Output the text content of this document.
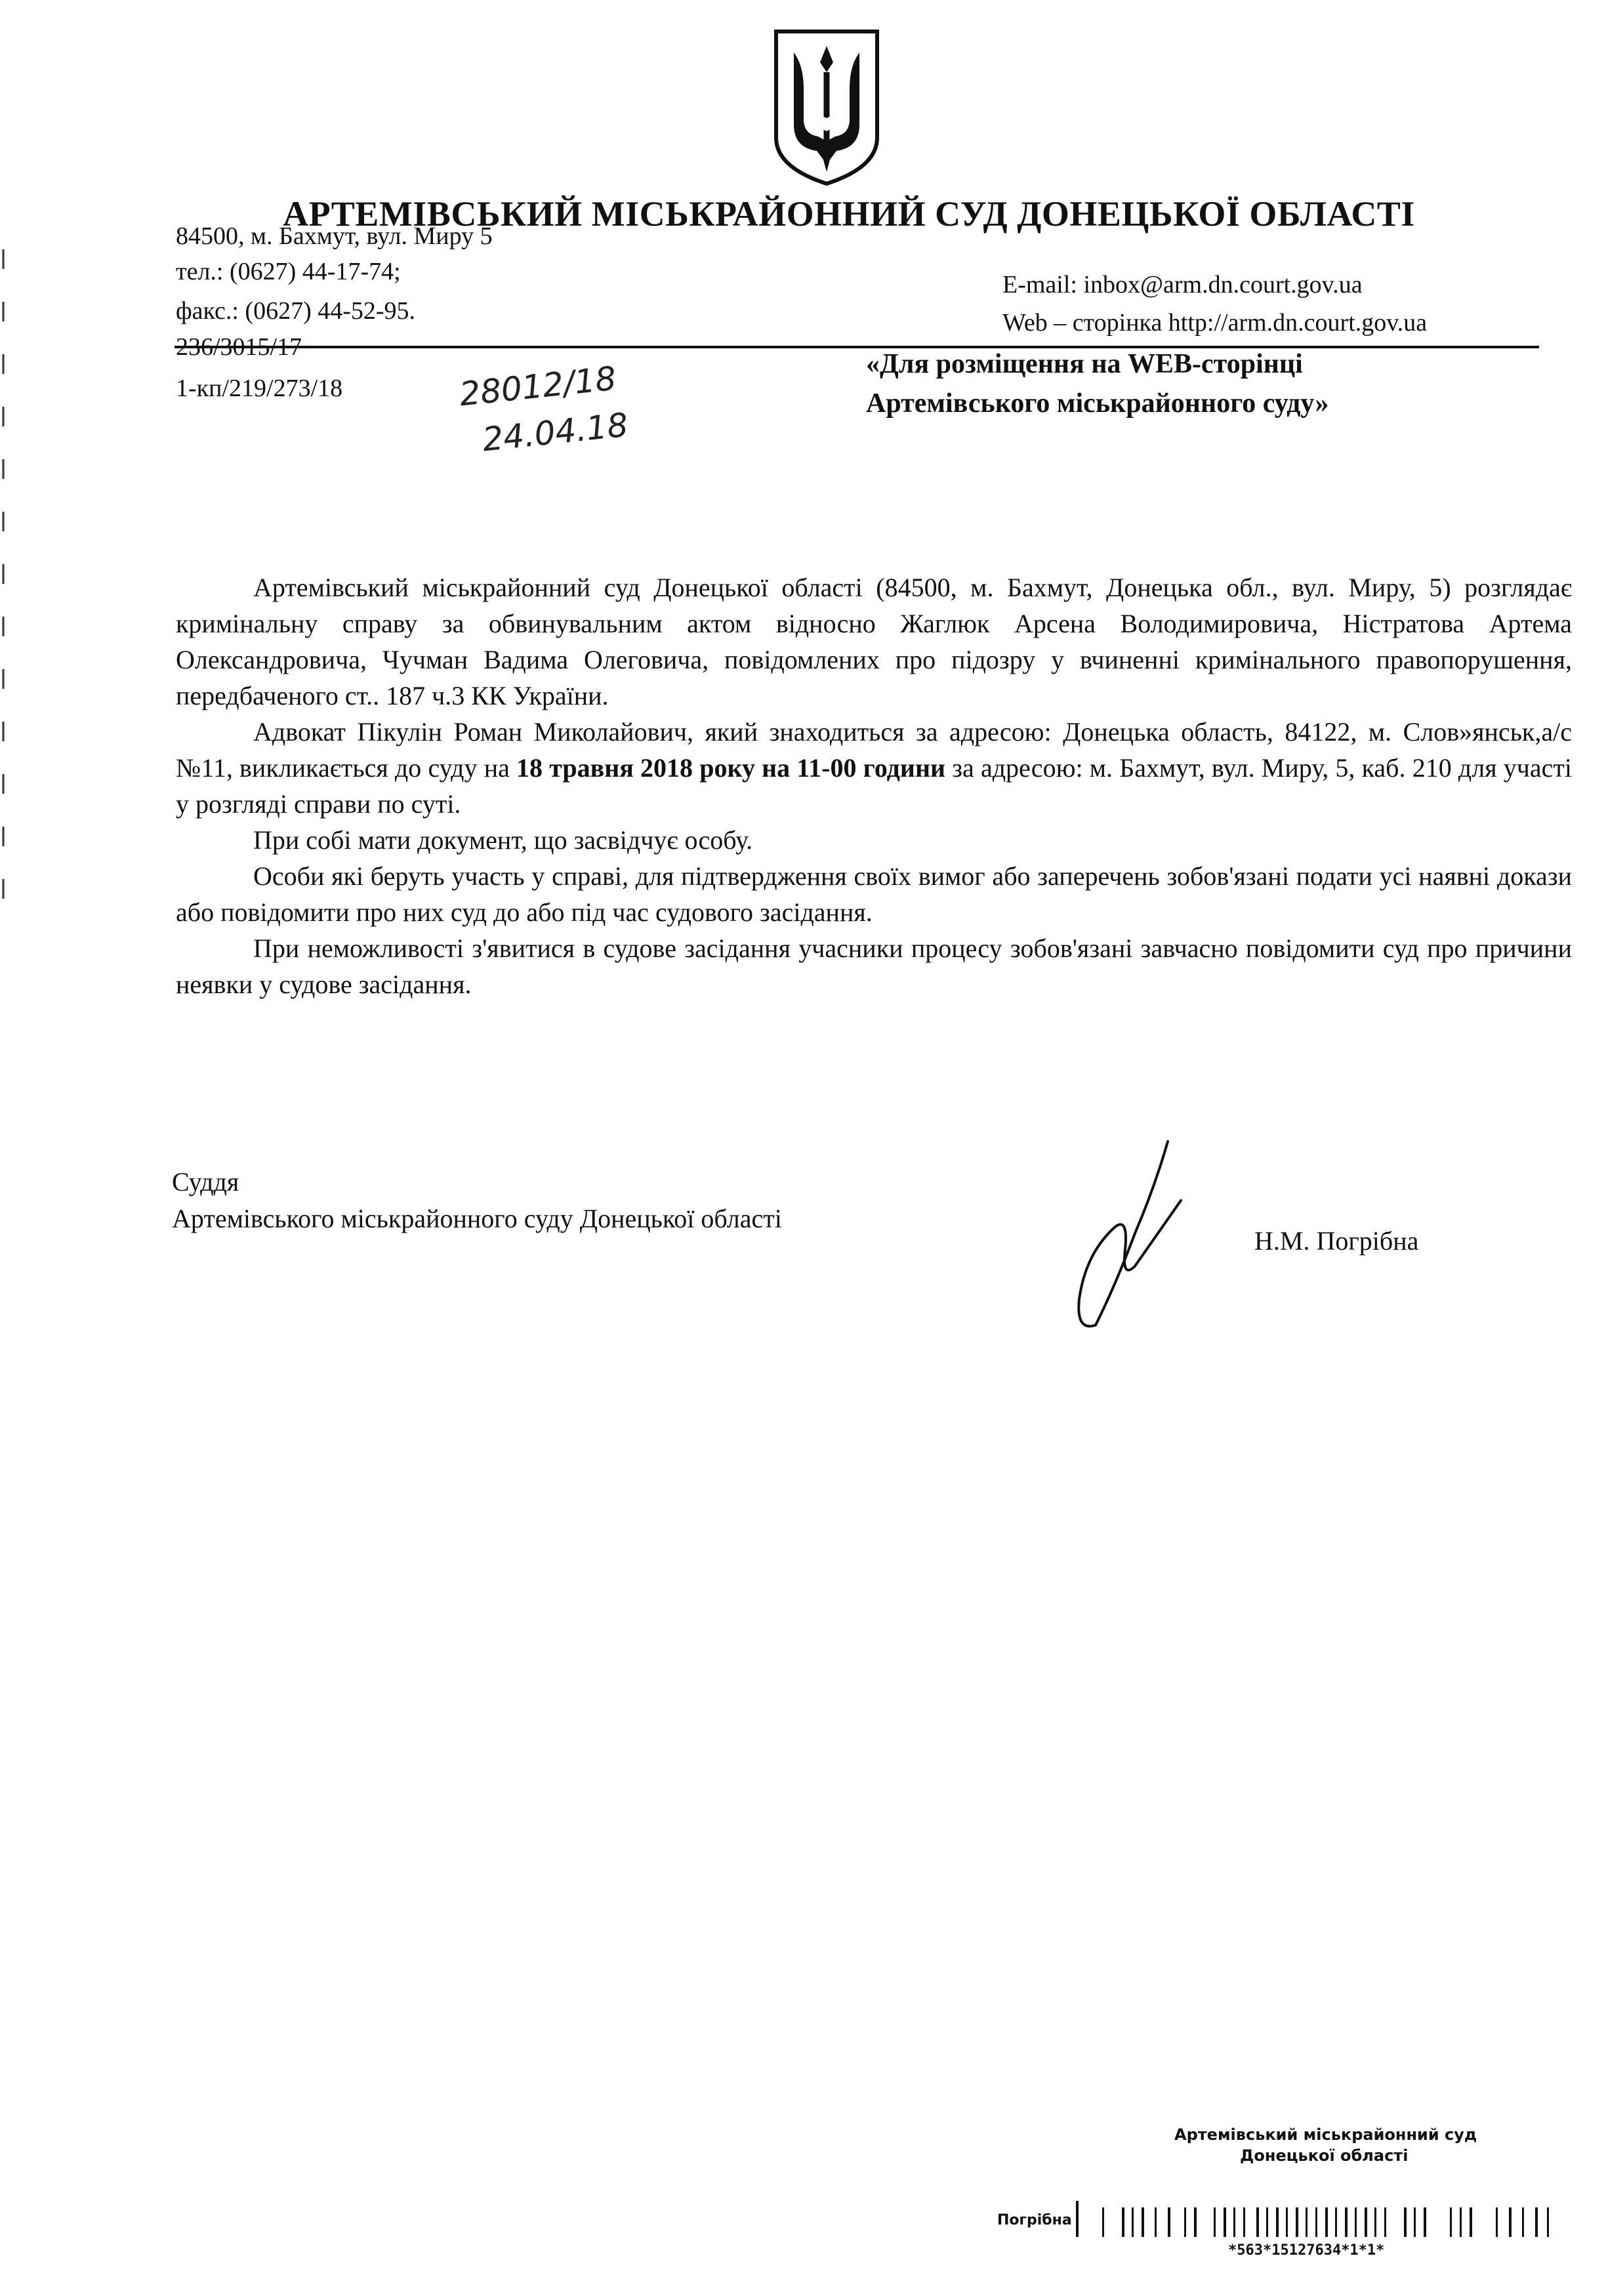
АРТЕМІВСЬКИЙ МІСЬКРАЙОННИЙ СУД ДОНЕЦЬКОЇ ОБЛАСТІ
84500, м. Бахмут, вул. Миру 5
тел.: (0627) 44-17-74;
факс.: (0627) 44-52-95.
E-mail: inbox@arm.dn.court.gov.ua
Web – сторінка http://arm.dn.court.gov.ua
236/3015/17
1-кп/219/273/18	28012/18
24.04.18
«Для розміщення на WEB-сторінці
Артемівського міськрайонного суду»

Артемівський міськрайонний суд Донецької області (84500, м. Бахмут, Донецька обл., вул. Миру, 5) розглядає кримінальну справу за обвинувальним актом відносно Жаглюк Арсена Володимировича, Ністратова Артема Олександровича, Чучман Вадима Олеговича, повідомлених про підозру у вчиненні кримінального правопорушення, передбаченого ст.. 187 ч.3 КК України.

Адвокат Пікулін Роман Миколайович, який знаходиться за адресою: Донецька область, 84122, м. Слов»янськ,а/с №11, викликається до суду на 18 травня 2018 року на 11-00 години за адресою: м. Бахмут, вул. Миру, 5, каб. 210 для участі у розгляді справи по суті.

При собі мати документ, що засвідчує особу.

Особи які беруть участь у справі, для підтвердження своїх вимог або заперечень зобов'язані подати усі наявні докази або повідомити про них суд до або під час судового засідання.

При неможливості з'явитися в судове засідання учасники процесу зобов'язані завчасно повідомити суд про причини неявки у судове засідання.

Суддя
Артемівського міськрайонного суду Донецької області
Н.М. Погрібна
Артемівський міськрайонний суд
Донецької області
Погрібна
*563*15127634*1*1*
